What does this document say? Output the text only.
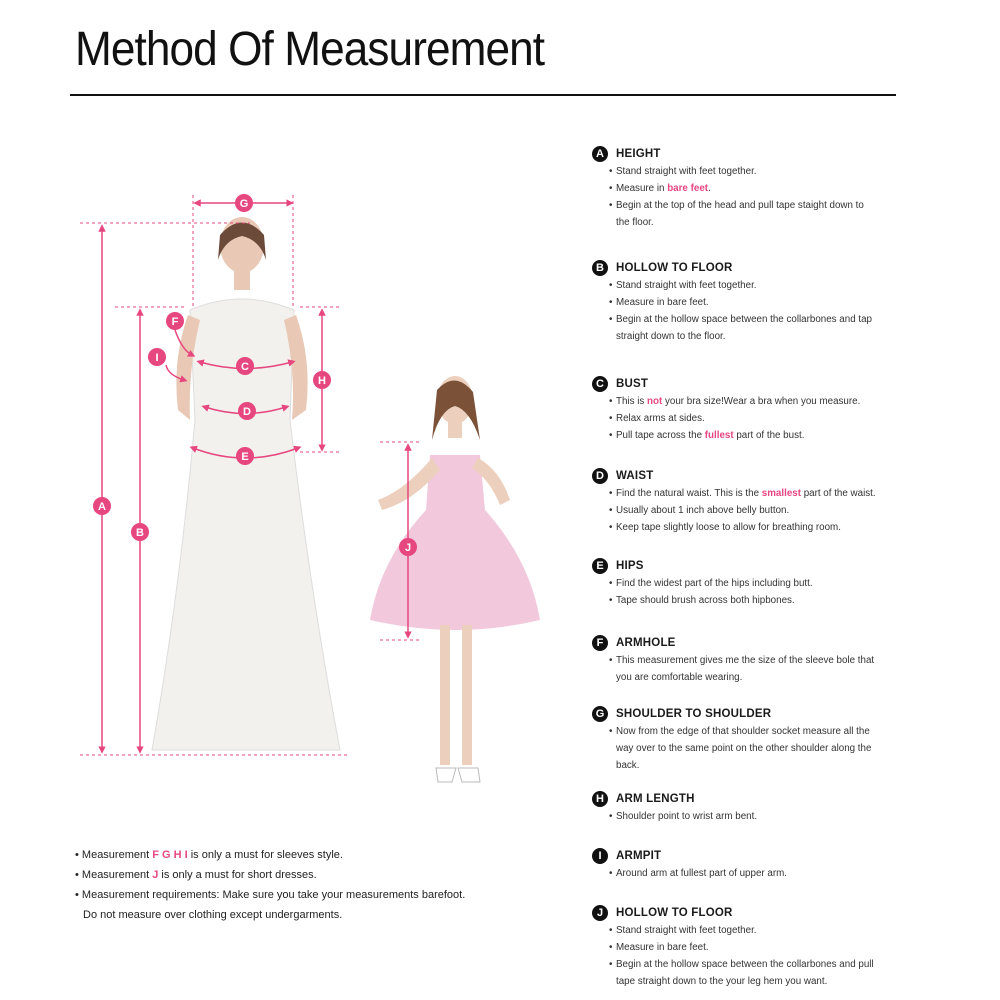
Method Of Measurement
A
B
C
D
E
F
G
H
I
J
• Measurement F G H I is only a must for sleeves style.
• Measurement J is only a must for short dresses.
• Measurement requirements: Make sure you take your measurements barefoot.
Do not measure over clothing except undergarments.
A	HEIGHT
• Stand straight with feet together.
• Measure in bare feet.
• Begin at the top of the head and pull tape staight down to
the floor.
B	HOLLOW TO FLOOR
• Stand straight with feet together.
• Measure in bare feet.
• Begin at the hollow space between the collarbones and tap
straight down to the floor.
C	BUST
• This is not your bra size!Wear a bra when you measure.
• Relax arms at sides.
• Pull tape across the fullest part of the bust.
D	WAIST
• Find the natural waist. This is the smallest part of the waist.
• Usually about 1 inch above belly button.
• Keep tape slightly loose to allow for breathing room.
E	HIPS
• Find the widest part of the hips including butt.
• Tape should brush across both hipbones.
F	ARMHOLE
• This measurement gives me the size of the sleeve bole that
you are comfortable wearing.
G	SHOULDER TO SHOULDER
• Now from the edge of that shoulder socket measure all the
way over to the same point on the other shoulder along the
back.
H	ARM LENGTH
• Shoulder point to wrist arm bent.
I	ARMPIT
• Around arm at fullest part of upper arm.
J	HOLLOW TO FLOOR
• Stand straight with feet together.
• Measure in bare feet.
• Begin at the hollow space between the collarbones and pull
tape straight down to the your leg hem you want.
